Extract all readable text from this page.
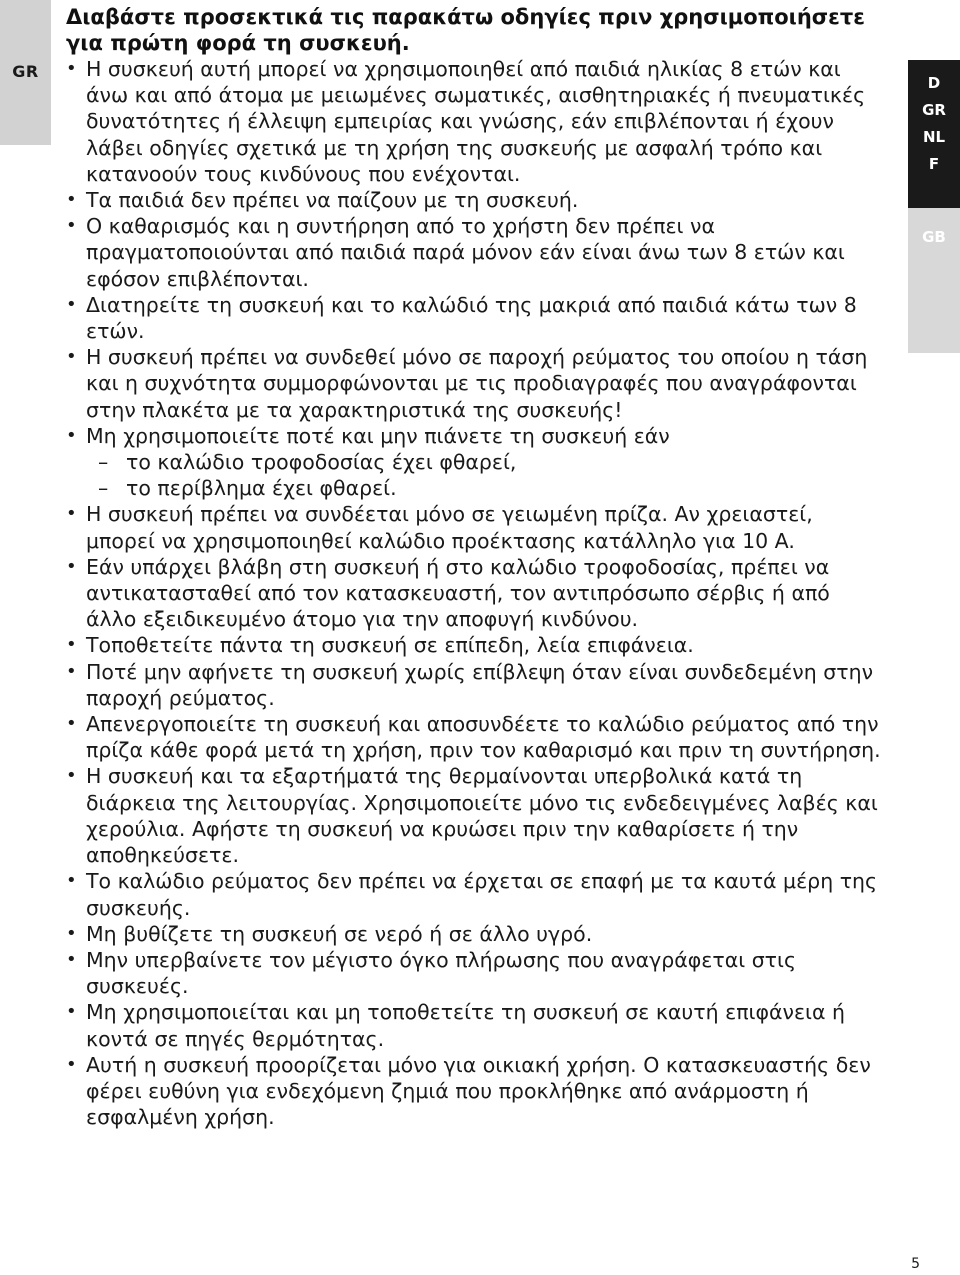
GR
D
GR
NL
F
GB
Διαβάστε προσεκτικά τις παρακάτω οδηγίες πριν χρησιμοποιήσετε για πρώτη φορά τη συσκευή.
• Η συσκευή αυτή μπορεί να χρησιμοποιηθεί από παιδιά ηλικίας 8 ετών και άνω και από άτομα με μειωμένες σωματικές, αισθητηριακές ή πνευματικές δυνατότητες ή έλλειψη εμπειρίας και γνώσης, εάν επιβλέπονται ή έχουν λάβει οδηγίες σχετικά με τη χρήση της συσκευής με ασφαλή τρόπο και κατανοούν τους κινδύνους που ενέχονται.
• Τα παιδιά δεν πρέπει να παίζουν με τη συσκευή.
• Ο καθαρισμός και η συντήρηση από το χρήστη δεν πρέπει να πραγματοποιούνται από παιδιά παρά μόνον εάν είναι άνω των 8 ετών και εφόσον επιβλέπονται.
• Διατηρείτε τη συσκευή και το καλώδιό της μακριά από παιδιά κάτω των 8 ετών.
• Η συσκευή πρέπει να συνδεθεί μόνο σε παροχή ρεύματος του οποίου η τάση και η συχνότητα συμμορφώνονται με τις προδιαγραφές που αναγράφονται στην πλακέτα με τα χαρακτηριστικά της συσκευής!
• Μη χρησιμοποιείτε ποτέ και μην πιάνετε τη συσκευή εάν
– το καλώδιο τροφοδοσίας έχει φθαρεί,
– το περίβλημα έχει φθαρεί.
• Η συσκευή πρέπει να συνδέεται μόνο σε γειωμένη πρίζα. Αν χρειαστεί, μπορεί να χρησιμοποιηθεί καλώδιο προέκτασης κατάλληλο για 10 A.
• Εάν υπάρχει βλάβη στη συσκευή ή στο καλώδιο τροφοδοσίας, πρέπει να αντικατασταθεί από τον κατασκευαστή, τον αντιπρόσωπο σέρβις ή από άλλο εξειδικευμένο άτομο για την αποφυγή κινδύνου.
• Τοποθετείτε πάντα τη συσκευή σε επίπεδη, λεία επιφάνεια.
• Ποτέ μην αφήνετε τη συσκευή χωρίς επίβλεψη όταν είναι συνδεδεμένη στην παροχή ρεύματος.
• Απενεργοποιείτε τη συσκευή και αποσυνδέετε το καλώδιο ρεύματος από την πρίζα κάθε φορά μετά τη χρήση, πριν τον καθαρισμό και πριν τη συντήρηση.
• Η συσκευή και τα εξαρτήματά της θερμαίνονται υπερβολικά κατά τη διάρκεια της λειτουργίας. Χρησιμοποιείτε μόνο τις ενδεδειγμένες λαβές και χερούλια. Αφήστε τη συσκευή να κρυώσει πριν την καθαρίσετε ή την αποθηκεύσετε.
• Το καλώδιο ρεύματος δεν πρέπει να έρχεται σε επαφή με τα καυτά μέρη της συσκευής.
• Μη βυθίζετε τη συσκευή σε νερό ή σε άλλο υγρό.
• Μην υπερβαίνετε τον μέγιστο όγκο πλήρωσης που αναγράφεται στις συσκευές.
• Μη χρησιμοποιείται και μη τοποθετείτε τη συσκευή σε καυτή επιφάνεια ή κοντά σε πηγές θερμότητας.
• Αυτή η συσκευή προορίζεται μόνο για οικιακή χρήση. Ο κατασκευαστής δεν φέρει ευθύνη για ενδεχόμενη ζημιά που προκλήθηκε από ανάρμοστη ή εσφαλμένη χρήση.
5
